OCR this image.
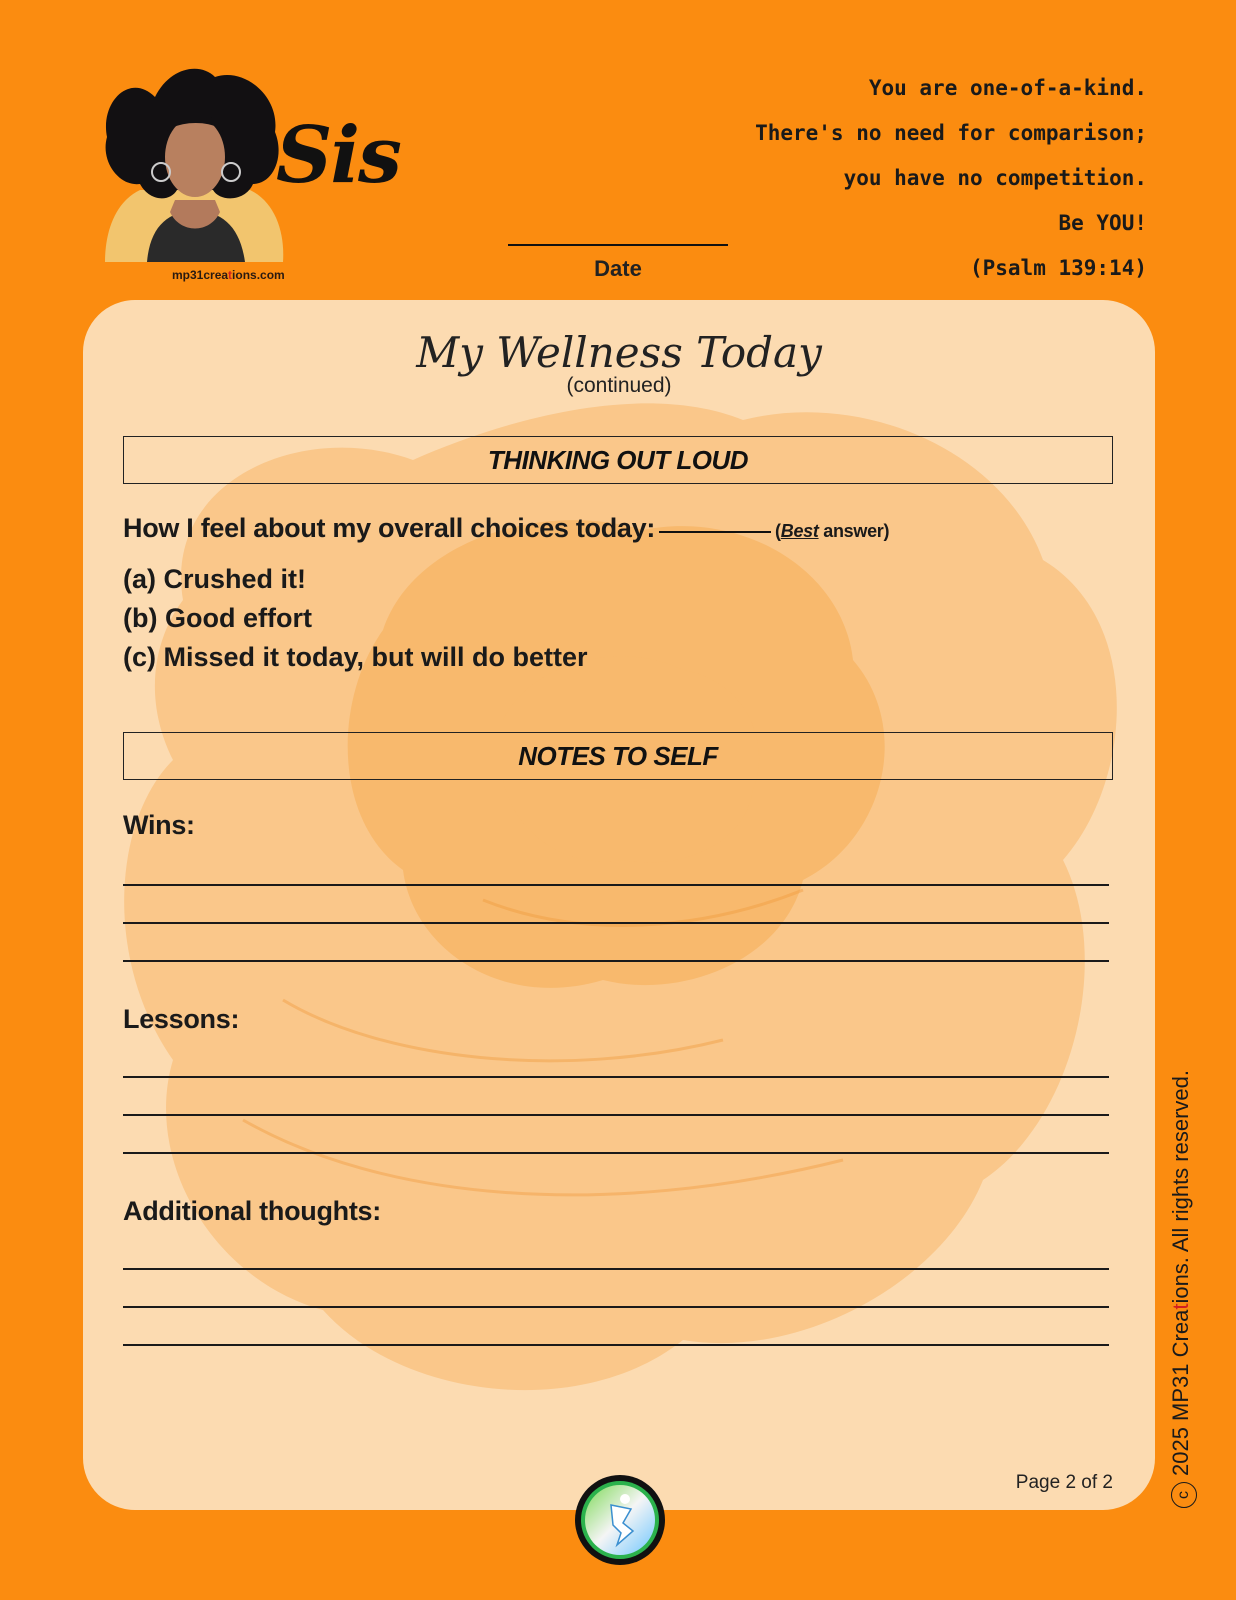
Sis
mp31creations.com	Date
You are one-of-a-kind.
There's no need for comparison;
you have no competition.
Be YOU!
(Psalm 139:14)
My Wellness Today
(continued)
THINKING OUT LOUD
How I feel about my overall choices today:	(Best answer)
(a) Crushed it!
(b) Good effort
(c) Missed it today, but will do better
NOTES TO SELF
Wins:
Lessons:
Additional thoughts:
Page 2 of 2
c2025 MP31 Creations. All rights reserved.
